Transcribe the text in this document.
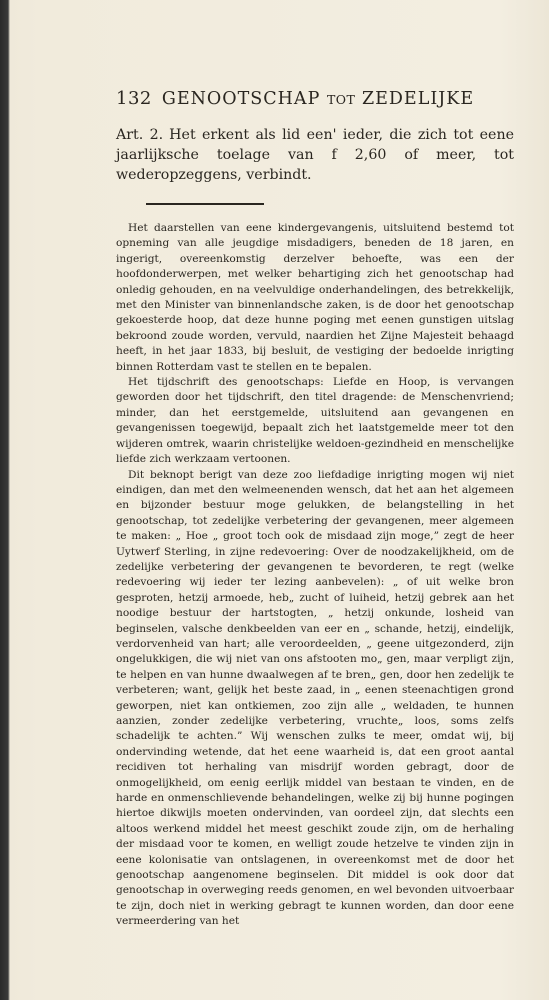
132 GENOOTSCHAP TOT ZEDELIJKE
Art. 2. Het erkent als lid een' ieder, die zich tot eene jaarlijksche toelage van f 2,60 of meer, tot wederopzeggens, verbindt.

Het daarstellen van eene kindergevangenis, uitsluitend bestemd tot opneming van alle jeugdige misdadigers, beneden de 18 jaren, en ingerigt, overeenkomstig derzelver behoefte, was een der hoofdonderwerpen, met welker behartiging zich het genootschap had onledig gehouden, en na veelvuldige onderhandelingen, des betrekkelijk, met den Minister van binnenlandsche zaken, is de door het genootschap gekoesterde hoop, dat deze hunne poging met eenen gunstigen uitslag bekroond zoude worden, vervuld, naardien het Zijne Majesteit behaagd heeft, in het jaar 1833, bij besluit, de vestiging der bedoelde inrigting binnen Rotterdam vast te stellen en te bepalen.

Het tijdschrift des genootschaps: Liefde en Hoop, is vervangen geworden door het tijdschrift, den titel dragende: de Menschenvriend; minder, dan het eerstgemelde, uitsluitend aan gevangenen en gevangenissen toegewijd, bepaalt zich het laatstgemelde meer tot den wijderen omtrek, waarin christelijke weldoen-gezindheid en menschelijke liefde zich werkzaam vertoonen.

Dit beknopt berigt van deze zoo liefdadige inrigting mogen wij niet eindigen, dan met den welmeenenden wensch, dat het aan het algemeen en bijzonder bestuur moge gelukken, de belangstelling in het genootschap, tot zedelijke verbetering der gevangenen, meer algemeen te maken: „ Hoe „ groot toch ook de misdaad zijn moge,” zegt de heer Uytwerf Sterling, in zijne redevoering: Over de noodzakelijkheid, om de zedelijke verbetering der gevangenen te bevorderen, te regt (welke redevoering wij ieder ter lezing aanbevelen): „ of uit welke bron gesproten, hetzij armoede, heb„ zucht of luiheid, hetzij gebrek aan het noodige bestuur der hartstogten, „ hetzij onkunde, losheid van beginselen, valsche denkbeelden van eer en „ schande, hetzij, eindelijk, verdorvenheid van hart; alle veroordeelden, „ geene uitgezonderd, zijn ongelukkigen, die wij niet van ons afstooten mo„ gen, maar verpligt zijn, te helpen en van hunne dwaalwegen af te bren„ gen, door hen zedelijk te verbeteren; want, gelijk het beste zaad, in „ eenen steenachtigen grond geworpen, niet kan ontkiemen, zoo zijn alle „ weldaden, te hunnen aanzien, zonder zedelijke verbetering, vruchte„ loos, soms zelfs schadelijk te achten.” Wij wenschen zulks te meer, omdat wij, bij ondervinding wetende, dat het eene waarheid is, dat een groot aantal recidiven tot herhaling van misdrijf worden gebragt, door de onmogelijkheid, om eenig eerlijk middel van bestaan te vinden, en de harde en onmenschlievende behandelingen, welke zij bij hunne pogingen hiertoe dikwijls moeten ondervinden, van oordeel zijn, dat slechts een altoos werkend middel het meest geschikt zoude zijn, om de herhaling der misdaad voor te komen, en welligt zoude hetzelve te vinden zijn in eene kolonisatie van ontslagenen, in overeenkomst met de door het genootschap aangenomene beginselen. Dit middel is ook door dat genootschap in overweging reeds genomen, en wel bevonden uitvoerbaar te zijn, doch niet in werking gebragt te kunnen worden, dan door eene vermeerdering van het
